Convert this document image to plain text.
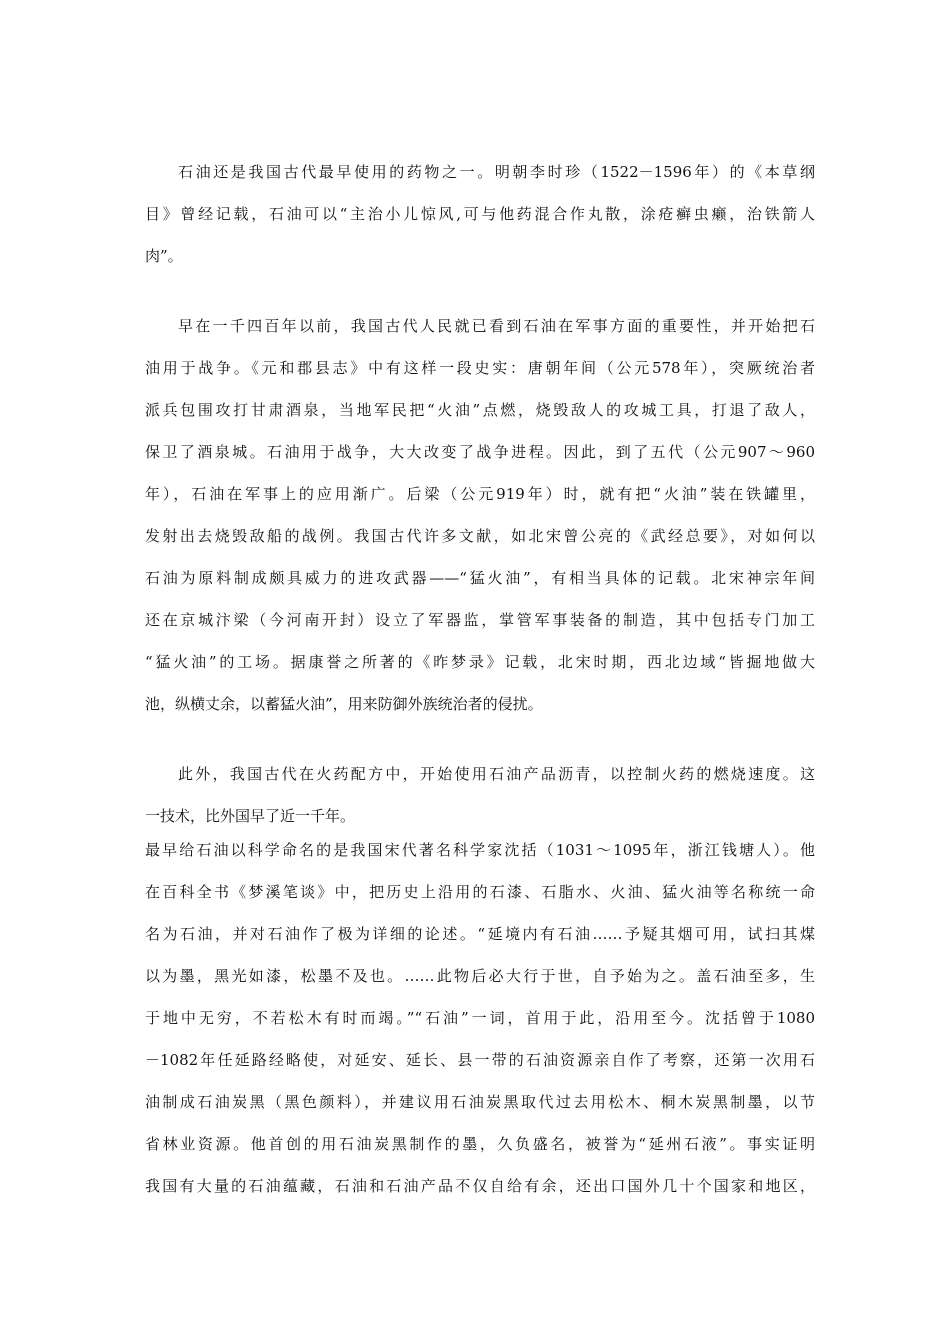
石油还是我国古代最早使用的药物之一。明朝李时珍（1522－1596年）的《本草纲
目》曾经记载，石油可以“主治小儿惊风,可与他药混合作丸散，涂疮癣虫癞，治铁箭人
肉”。
早在一千四百年以前，我国古代人民就已看到石油在军事方面的重要性，并开始把石
油用于战争。《元和郡县志》中有这样一段史实：唐朝年间（公元578年），突厥统治者
派兵包围攻打甘肃酒泉，当地军民把“火油”点燃，烧毁敌人的攻城工具，打退了敌人，
保卫了酒泉城。石油用于战争，大大改变了战争进程。因此，到了五代（公元907～960
年），石油在军事上的应用渐广。后梁（公元919年）时，就有把“火油”装在铁罐里，
发射出去烧毁敌船的战例。我国古代许多文献，如北宋曾公亮的《武经总要》，对如何以
石油为原料制成颇具威力的进攻武器——“猛火油”，有相当具体的记载。北宋神宗年间
还在京城汴梁（今河南开封）设立了军器监，掌管军事装备的制造，其中包括专门加工
“猛火油”的工场。据康誉之所著的《昨梦录》记载，北宋时期，西北边域“皆掘地做大
池，纵横丈余，以蓄猛火油”，用来防御外族统治者的侵扰。
此外，我国古代在火药配方中，开始使用石油产品沥青，以控制火药的燃烧速度。这
一技术，比外国早了近一千年。
最早给石油以科学命名的是我国宋代著名科学家沈括（1031～1095年，浙江钱塘人）。他
在百科全书《梦溪笔谈》中，把历史上沿用的石漆、石脂水、火油、猛火油等名称统一命
名为石油，并对石油作了极为详细的论述。“延境内有石油……予疑其烟可用，试扫其煤
以为墨，黑光如漆，松墨不及也。……此物后必大行于世，自予始为之。盖石油至多，生
于地中无穷，不若松木有时而竭。”“石油”一词，首用于此，沿用至今。沈括曾于1080
－1082年任延路经略使，对延安、延长、县一带的石油资源亲自作了考察，还第一次用石
油制成石油炭黑（黑色颜料），并建议用石油炭黑取代过去用松木、桐木炭黑制墨，以节
省林业资源。他首创的用石油炭黑制作的墨，久负盛名，被誉为“延州石液”。事实证明
我国有大量的石油蕴藏，石油和石油产品不仅自给有余，还出口国外几十个国家和地区，
